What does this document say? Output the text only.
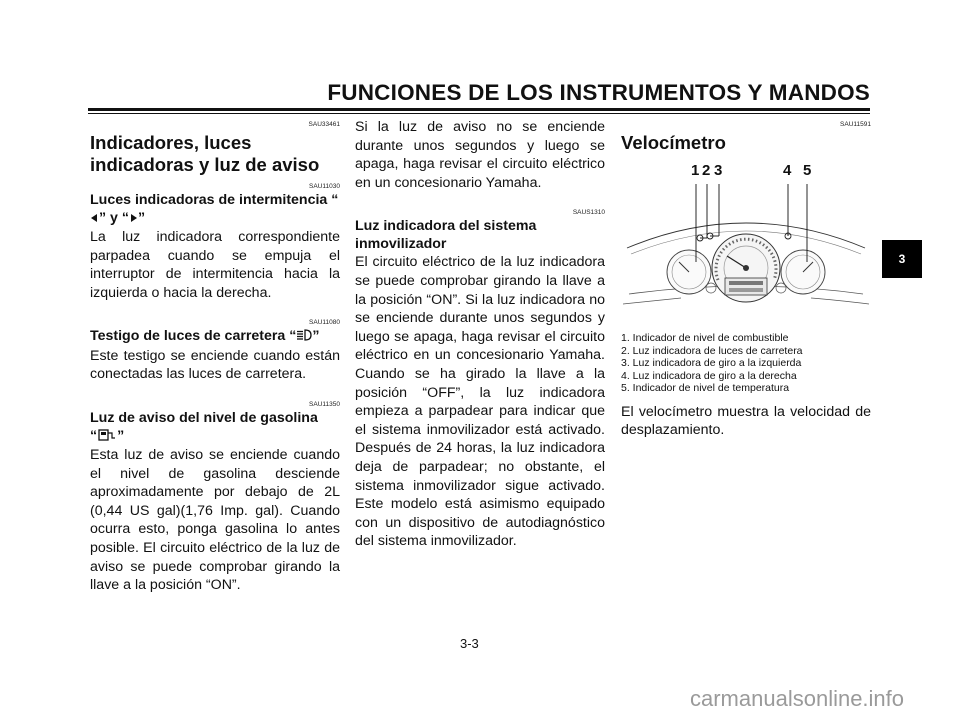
FUNCIONES DE LOS INSTRUMENTOS Y MANDOS
SAU33461
Indicadores, luces indicadoras y luz de aviso
SAU11030
Luces indicadoras de intermitencia “” y “ ”
La luz indicadora correspondiente parpadea cuando se empuja el interruptor de intermitencia hacia la izquierda o hacia la derecha.
SAU11080
Testigo de luces de carretera “ ”
Este testigo se enciende cuando están conectadas las luces de carretera.
SAU11350
Luz de aviso del nivel de gasolina
“ ”
Esta luz de aviso se enciende cuando el nivel de gasolina desciende aproximadamente por debajo de 2L (0,44 US gal)(1,76 Imp. gal). Cuando ocurra esto, ponga gasolina lo antes posible. El circuito eléctrico de la luz de aviso se puede comprobar girando la llave a la posición “ON”.
Si la luz de aviso no se enciende durante unos segundos y luego se apaga, haga revisar el circuito eléctrico en un concesionario Yamaha.
SAUS1310
Luz indicadora del sistema inmovilizador
El circuito eléctrico de la luz indicadora se puede comprobar girando la llave a la posición “ON”. Si la luz indicadora no se enciende durante unos segundos y luego se apaga, haga revisar el circuito eléctrico en un concesionario Yamaha. Cuando se ha girado la llave a la posición “OFF”, la luz indicadora empieza a parpadear para indicar que el sistema inmovilizador está activado. Después de 24 horas, la luz indicadora deja de parpadear; no obstante, el sistema inmovilizador sigue activado. Este modelo está asimismo equipado con un dispositivo de autodiagnóstico del sistema inmovilizador.
SAU11591
Velocímetro
1 2 3	4 5
1. Indicador de nivel de combustible
2. Luz indicadora de luces de carretera
3. Luz indicadora de giro a la izquierda
4. Luz indicadora de giro a la derecha
5. Indicador de nivel de temperatura
El velocímetro muestra la velocidad de desplazamiento.
3
3-3
carmanualsonline.info
